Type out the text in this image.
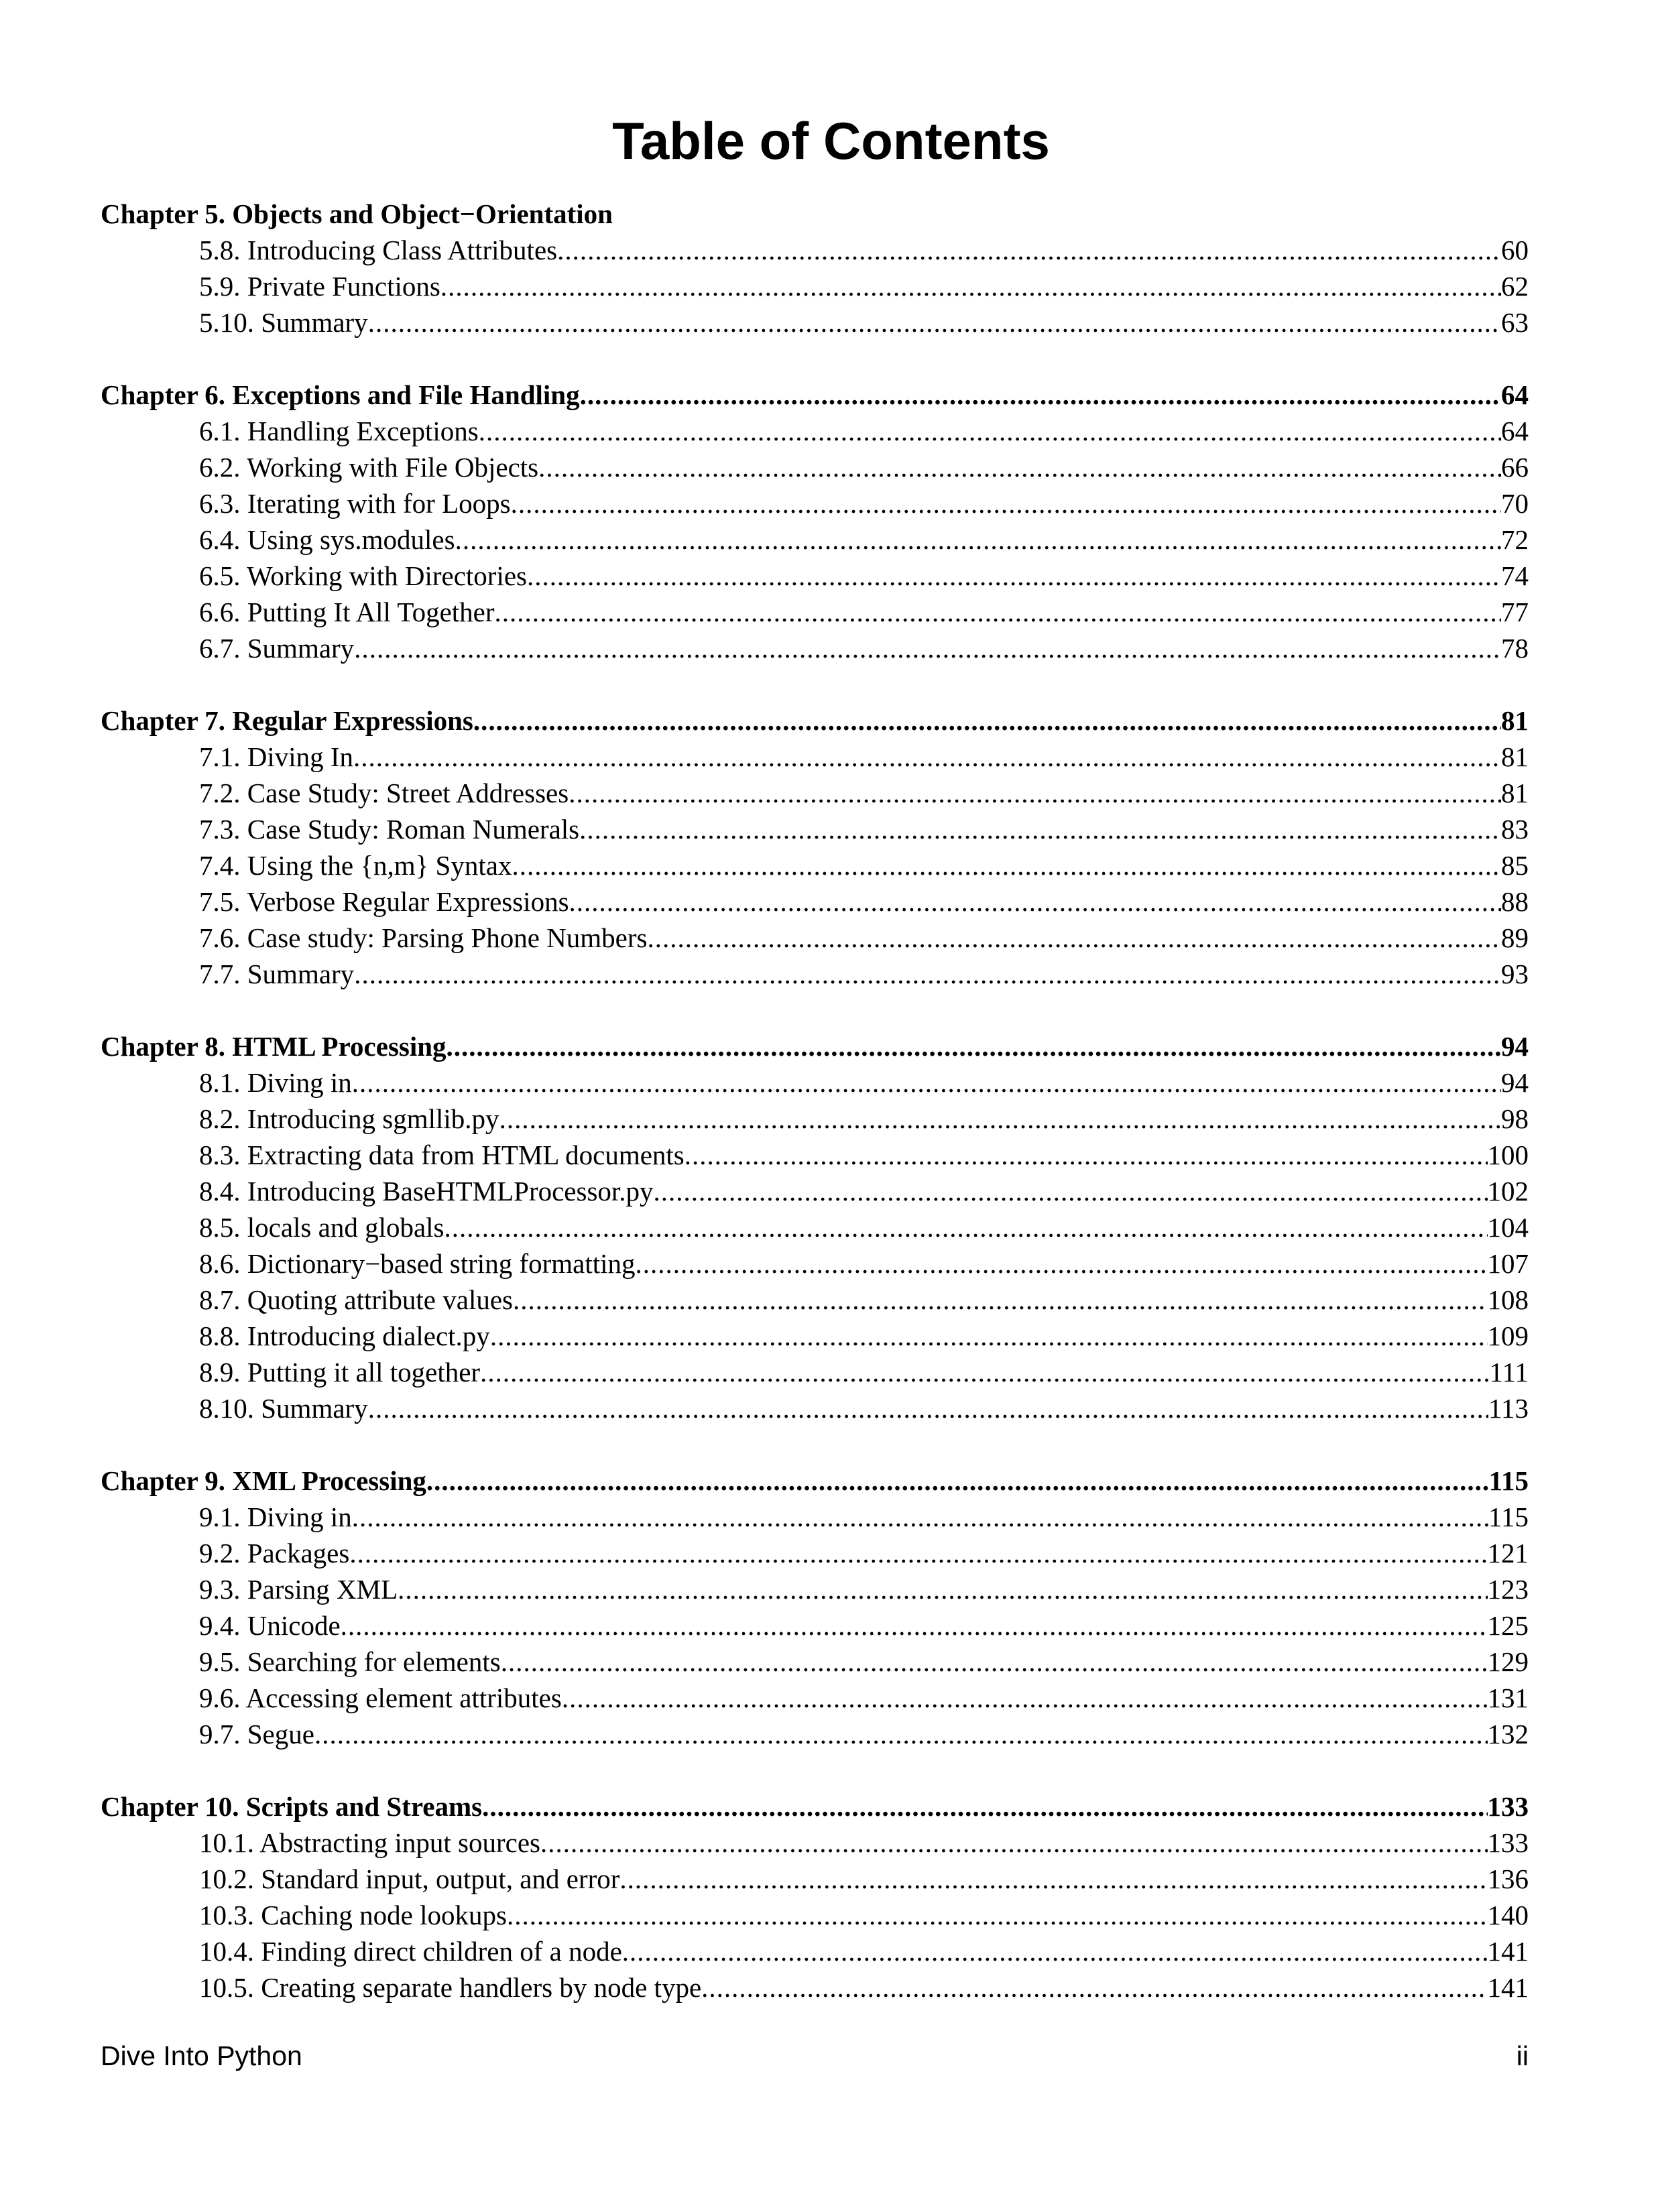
Table of Contents
Chapter 5. Objects and Object−Orientation
5.8. Introducing Class Attributes .....	60
5.9. Private Functions .....	62
5.10. Summary .....	63
Chapter 6. Exceptions and File Handling .....	64
6.1. Handling Exceptions .....	64
6.2. Working with File Objects .....	66
6.3. Iterating with for Loops .....	70
6.4. Using sys.modules .....	72
6.5. Working with Directories .....	74
6.6. Putting It All Together .....	77
6.7. Summary .....	78
Chapter 7. Regular Expressions .....	81
7.1. Diving In .....	81
7.2. Case Study: Street Addresses .....	81
7.3. Case Study: Roman Numerals .....	83
7.4. Using the {n,m} Syntax .....	85
7.5. Verbose Regular Expressions .....	88
7.6. Case study: Parsing Phone Numbers .....	89
7.7. Summary .....	93
Chapter 8. HTML Processing .....	94
8.1. Diving in .....	94
8.2. Introducing sgmllib.py .....	98
8.3. Extracting data from HTML documents .....	100
8.4. Introducing BaseHTMLProcessor.py .....	102
8.5. locals and globals .....	104
8.6. Dictionary−based string formatting .....	107
8.7. Quoting attribute values .....	108
8.8. Introducing dialect.py .....	109
8.9. Putting it all together .....	111
8.10. Summary .....	113
Chapter 9. XML Processing .....	115
9.1. Diving in .....	115
9.2. Packages .....	121
9.3. Parsing XML .....	123
9.4. Unicode .....	125
9.5. Searching for elements .....	129
9.6. Accessing element attributes .....	131
9.7. Segue .....	132
Chapter 10. Scripts and Streams .....	133
10.1. Abstracting input sources .....	133
10.2. Standard input, output, and error .....	136
10.3. Caching node lookups .....	140
10.4. Finding direct children of a node .....	141
10.5. Creating separate handlers by node type .....	141
Dive Into Python	ii
